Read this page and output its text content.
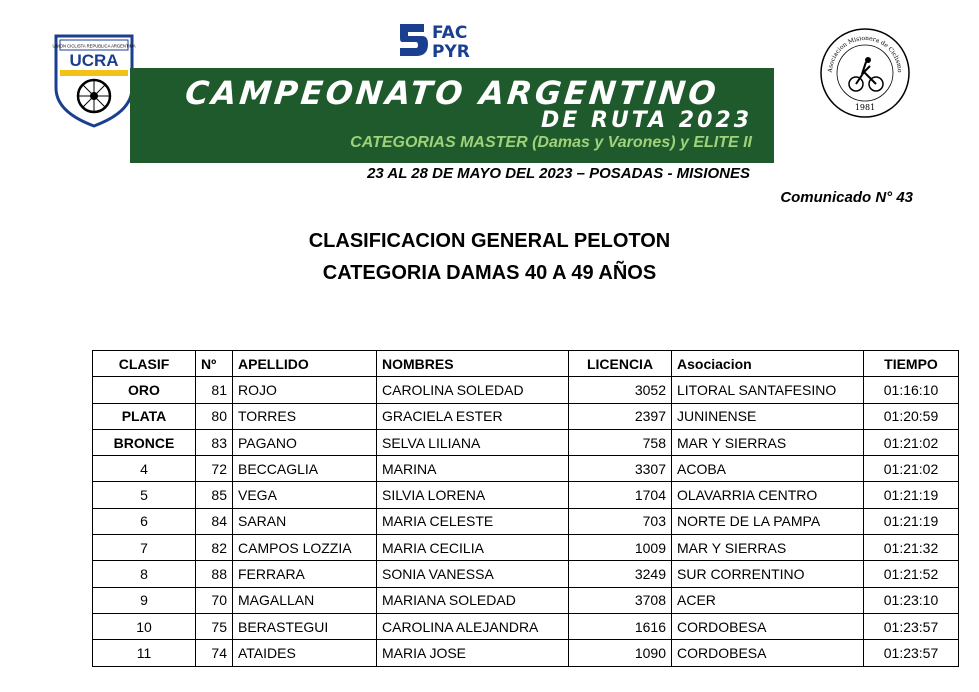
UNION CICLISTA REPUBLICA ARGENTINA
UCRA
FAC
PYR
Asociacion Misionera de Ciclismo
1981
CAMPEONATO ARGENTINO
DE RUTA 2023
CATEGORIAS MASTER (Damas y Varones) y ELITE II
23 AL 28 DE MAYO DEL 2023 – POSADAS - MISIONES
Comunicado N° 43
CLASIFICACION GENERAL PELOTON
CATEGORIA DAMAS 40 A 49 AÑOS
CLASIF	Nº	APELLIDO	NOMBRES	LICENCIA	Asociacion	TIEMPO
ORO	81	ROJO	CAROLINA SOLEDAD	3052	LITORAL SANTAFESINO	01:16:10
PLATA	80	TORRES	GRACIELA ESTER	2397	JUNINENSE	01:20:59
BRONCE	83	PAGANO	SELVA LILIANA	758	MAR Y SIERRAS	01:21:02
4	72	BECCAGLIA	MARINA	3307	ACOBA	01:21:02
5	85	VEGA	SILVIA LORENA	1704	OLAVARRIA CENTRO	01:21:19
6	84	SARAN	MARIA CELESTE	703	NORTE DE LA PAMPA	01:21:19
7	82	CAMPOS LOZZIA	MARIA CECILIA	1009	MAR Y SIERRAS	01:21:32
8	88	FERRARA	SONIA VANESSA	3249	SUR CORRENTINO	01:21:52
9	70	MAGALLAN	MARIANA SOLEDAD	3708	ACER	01:23:10
10	75	BERASTEGUI	CAROLINA ALEJANDRA	1616	CORDOBESA	01:23:57
11	74	ATAIDES	MARIA JOSE	1090	CORDOBESA	01:23:57
